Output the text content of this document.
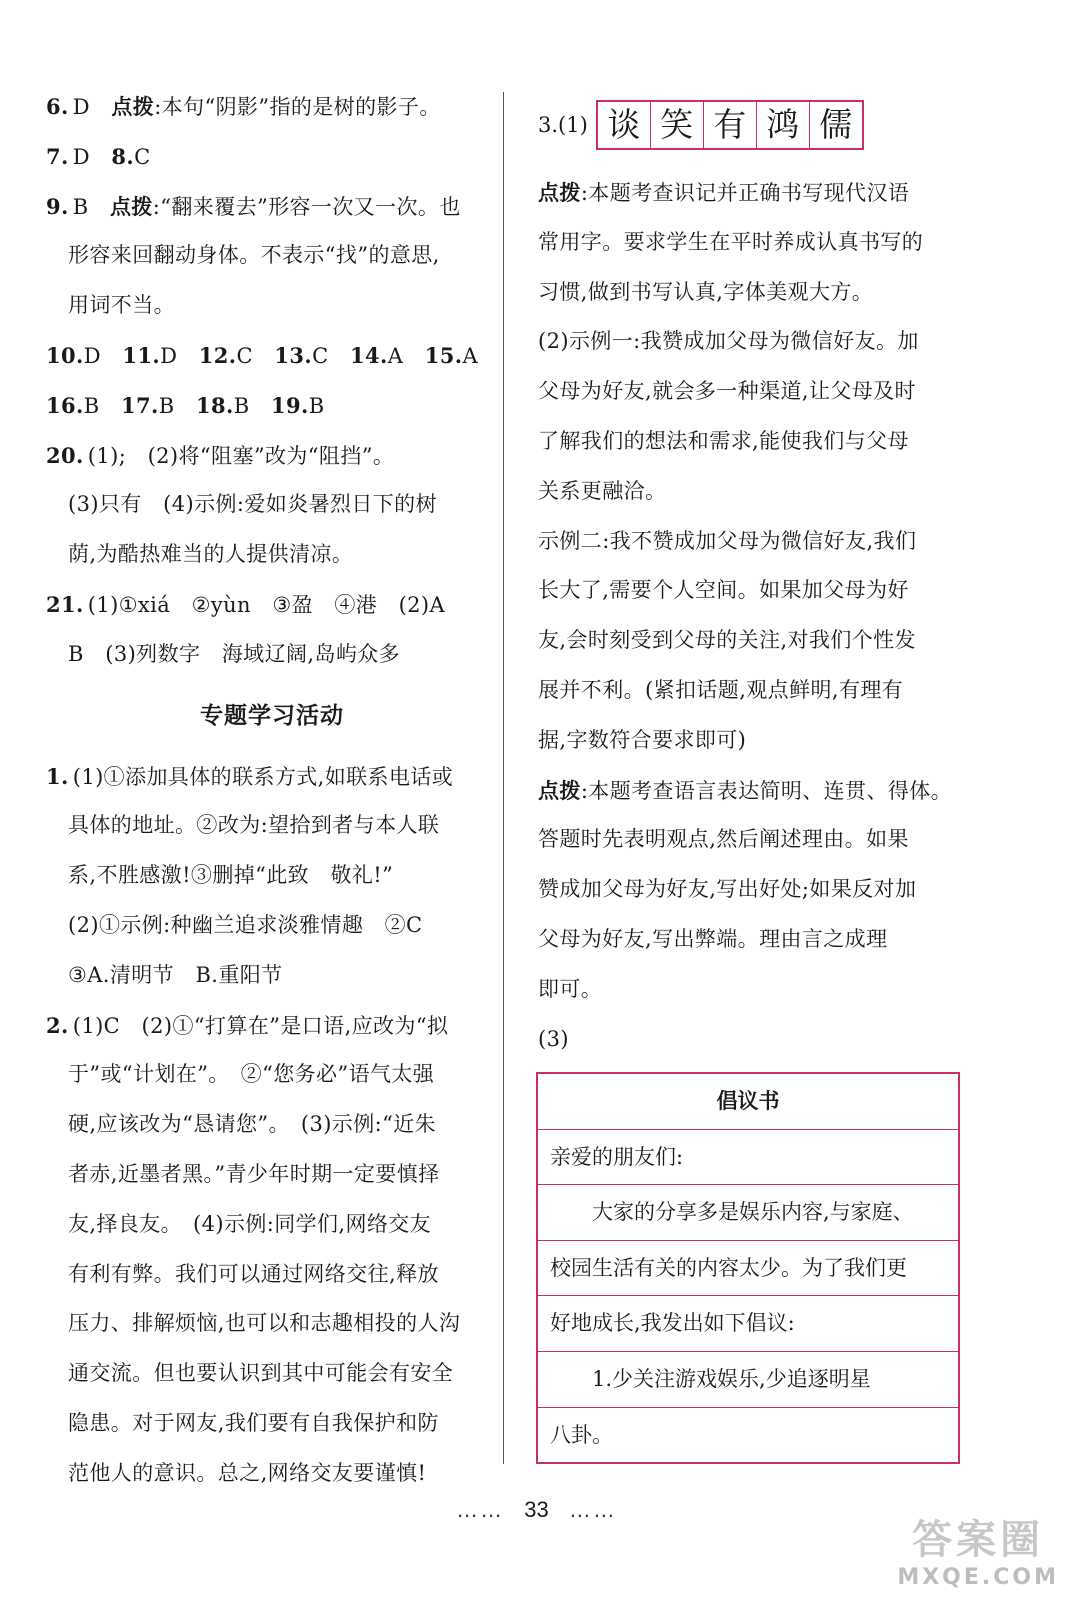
6. D　点拨:本句“阴影”指的是树的影子。
7. D　8.C
9. B　点拨:“翻来覆去”形容一次又一次。也
形容来回翻动身体。不表示“找”的意思,
用词不当。
10.D　11.D　12.C　13.C　14.A　15.A
16.B　17.B　18.B　19.B
20. (1);　(2)将“阻塞”改为“阻挡”。
(3)只有　(4)示例:爱如炎暑烈日下的树
荫,为酷热难当的人提供清凉。
21. (1)①xiá　②yùn　③盈　④港　(2)A
B　(3)列数字　海域辽阔,岛屿众多
专题学习活动
1. (1)①添加具体的联系方式,如联系电话或
具体的地址。②改为:望拾到者与本人联
系,不胜感激!③删掉“此致　敬礼!”
(2)①示例:种幽兰追求淡雅情趣　②C
③A.清明节　B.重阳节
2. (1)C　(2)①“打算在”是口语,应改为“拟
于”或“计划在”。　②“您务必”语气太强
硬,应该改为“恳请您”。　(3)示例:“近朱
者赤,近墨者黑。”青少年时期一定要慎择
友,择良友。　(4)示例:同学们,网络交友
有利有弊。我们可以通过网络交往,释放
压力、排解烦恼,也可以和志趣相投的人沟
通交流。但也要认识到其中可能会有安全
隐患。对于网友,我们要有自我保护和防
范他人的意识。总之,网络交友要谨慎!
3.(1) 谈 笑 有 鸿 儒
点拨:本题考查识记并正确书写现代汉语
常用字。要求学生在平时养成认真书写的
习惯,做到书写认真,字体美观大方。
(2)示例一:我赞成加父母为微信好友。加
父母为好友,就会多一种渠道,让父母及时
了解我们的想法和需求,能使我们与父母
关系更融洽。
示例二:我不赞成加父母为微信好友,我们
长大了,需要个人空间。如果加父母为好
友,会时刻受到父母的关注,对我们个性发
展并不利。(紧扣话题,观点鲜明,有理有
据,字数符合要求即可)
点拨:本题考查语言表达简明、连贯、得体。
答题时先表明观点,然后阐述理由。如果
赞成加父母为好友,写出好处;如果反对加
父母为好友,写出弊端。理由言之成理
即可。
(3)
倡议书
亲爱的朋友们:
　　大家的分享多是娱乐内容,与家庭、
校园生活有关的内容太少。为了我们更
好地成长,我发出如下倡议:
　　1.少关注游戏娱乐,少追逐明星
八卦。
…… 33 ……
答案圈
MXQE.COM
